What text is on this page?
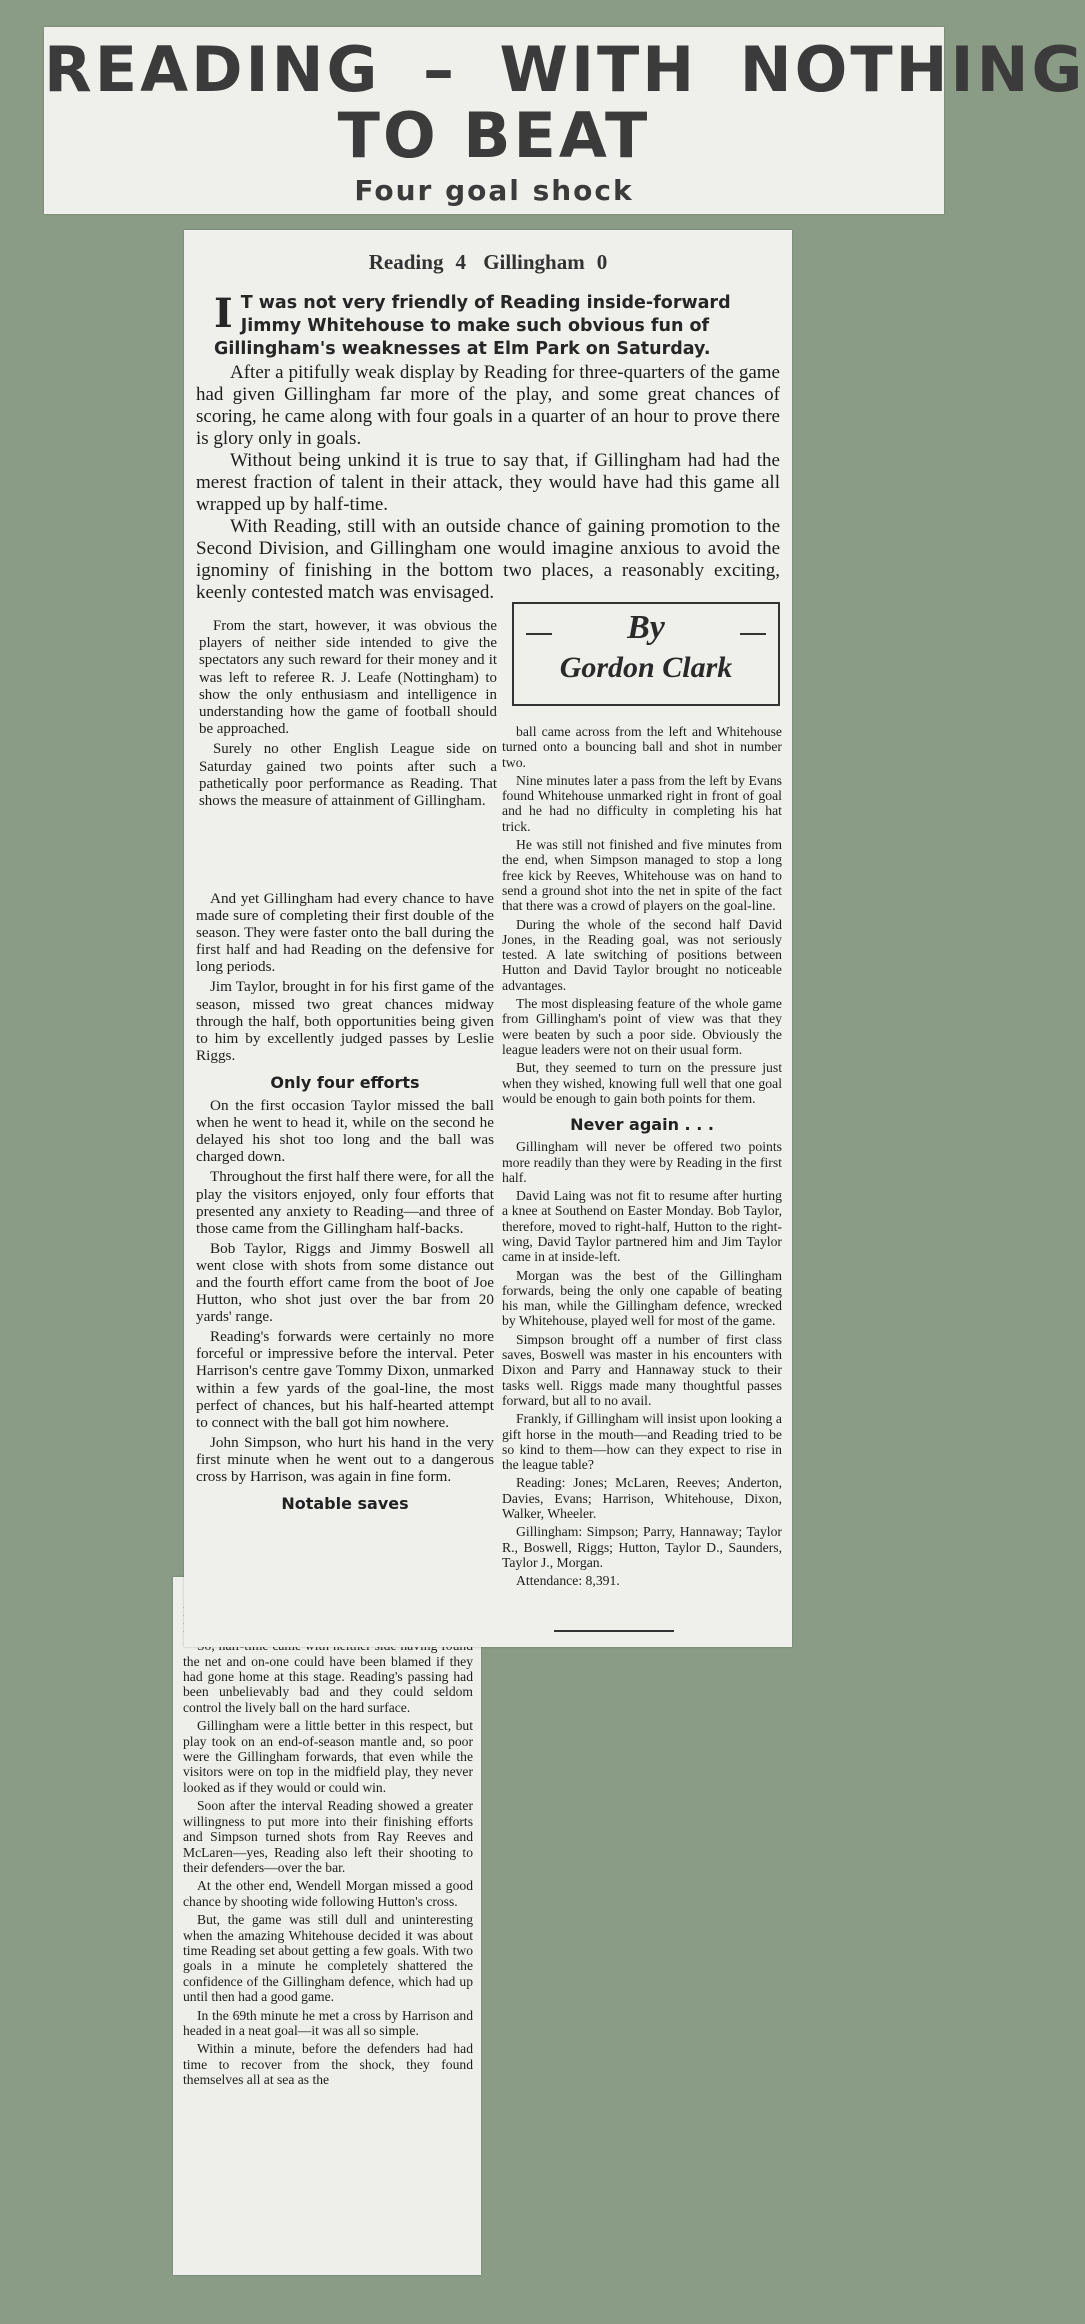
READING – WITH NOTHING
TO BEAT
Four goal shock

the net and on-one could have been blamed if they had gone home at this stage. Reading's passing had been unbelievably bad and they could seldom control the lively ball on the hard surface.

Gillingham were a little better in this respect, but play took on an end-of-season mantle and, so poor were the Gillingham forwards, that even while the visitors were on top in the midfield play, they never looked as if they would or could win.

Soon after the interval Reading showed a greater willingness to put more into their finishing efforts and Simpson turned shots from Ray Reeves and McLaren—yes, Reading also left their shooting to their defenders—over the bar.

At the other end, Wendell Morgan missed a good chance by shooting wide following Hutton's cross.

But, the game was still dull and uninteresting when the amazing Whitehouse decided it was about time Reading set about getting a few goals. With two goals in a minute he completely shattered the confidence of the Gillingham defence, which had up until then had a good game.

In the 69th minute he met a cross by Harrison and headed in a neat goal—it was all so simple.

Within a minute, before the defenders had had time to recover from the shock, they found themselves all at sea as the

Reading 4 Gillingham 0

I T was not very friendly of Reading inside-forward Jimmy Whitehouse to make such obvious fun of Gillingham's weaknesses at Elm Park on Saturday.

After a pitifully weak display by Reading for three-quarters of the game had given Gillingham far more of the play, and some great chances of scoring, he came along with four goals in a quarter of an hour to prove there is glory only in goals.

Without being unkind it is true to say that, if Gillingham had had the merest fraction of talent in their attack, they would have had this game all wrapped up by half-time.

With Reading, still with an outside chance of gaining promotion to the Second Division, and Gillingham one would imagine anxious to avoid the ignominy of finishing in the bottom two places, a reasonably exciting, keenly contested match was envisaged.

By
Gordon Clark

From the start, however, it was obvious the players of neither side intended to give the spectators any such reward for their money and it was left to referee R. J. Leafe (Nottingham) to show the only enthusiasm and intelligence in understanding how the game of football should be approached.

Surely no other English League side on Saturday gained two points after such a pathetically poor performance as Reading. That shows the measure of attainment of Gillingham.

And yet Gillingham had every chance to have made sure of completing their first double of the season. They were faster onto the ball during the first half and had Reading on the defensive for long periods.

Jim Taylor, brought in for his first game of the season, missed two great chances midway through the half, both opportunities being given to him by excellently judged passes by Leslie Riggs.

Only four efforts

On the first occasion Taylor missed the ball when he went to head it, while on the second he delayed his shot too long and the ball was charged down.

Throughout the first half there were, for all the play the visitors enjoyed, only four efforts that presented any anxiety to Reading—and three of those came from the Gillingham half-backs.

Bob Taylor, Riggs and Jimmy Boswell all went close with shots from some distance out and the fourth effort came from the boot of Joe Hutton, who shot just over the bar from 20 yards' range.

Reading's forwards were certainly no more forceful or impressive before the interval. Peter Harrison's centre gave Tommy Dixon, unmarked within a few yards of the goal-line, the most perfect of chances, but his half-hearted attempt to connect with the ball got him nowhere.

John Simpson, who hurt his hand in the very first minute when he went out to a dangerous cross by Harrison, was again in fine form.

Notable saves

ball came across from the left and Whitehouse turned onto a bouncing ball and shot in number two.

Nine minutes later a pass from the left by Evans found Whitehouse unmarked right in front of goal and he had no difficulty in completing his hat trick.

He was still not finished and five minutes from the end, when Simpson managed to stop a long free kick by Reeves, Whitehouse was on hand to send a ground shot into the net in spite of the fact that there was a crowd of players on the goal-line.

During the whole of the second half David Jones, in the Reading goal, was not seriously tested. A late switching of positions between Hutton and David Taylor brought no noticeable advantages.

The most displeasing feature of the whole game from Gillingham's point of view was that they were beaten by such a poor side. Obviously the league leaders were not on their usual form.

But, they seemed to turn on the pressure just when they wished, knowing full well that one goal would be enough to gain both points for them.

Never again . . .

Gillingham will never be offered two points more readily than they were by Reading in the first half.

David Laing was not fit to resume after hurting a knee at Southend on Easter Monday. Bob Taylor, therefore, moved to right-half, Hutton to the right-wing, David Taylor partnered him and Jim Taylor came in at inside-left.

Morgan was the best of the Gillingham forwards, being the only one capable of beating his man, while the Gillingham defence, wrecked by Whitehouse, played well for most of the game.

Simpson brought off a number of first class saves, Boswell was master in his encounters with Dixon and Parry and Hannaway stuck to their tasks well. Riggs made many thoughtful passes forward, but all to no avail.

Frankly, if Gillingham will insist upon looking a gift horse in the mouth—and Reading tried to be so kind to them—how can they expect to rise in the league table?

Reading: Jones; McLaren, Reeves; Anderton, Davies, Evans; Harrison, Whitehouse, Dixon, Walker, Wheeler.

Gillingham: Simpson; Parry, Hannaway; Taylor R., Boswell, Riggs; Hutton, Taylor D., Saunders, Taylor J., Morgan.

Attendance: 8,391.
